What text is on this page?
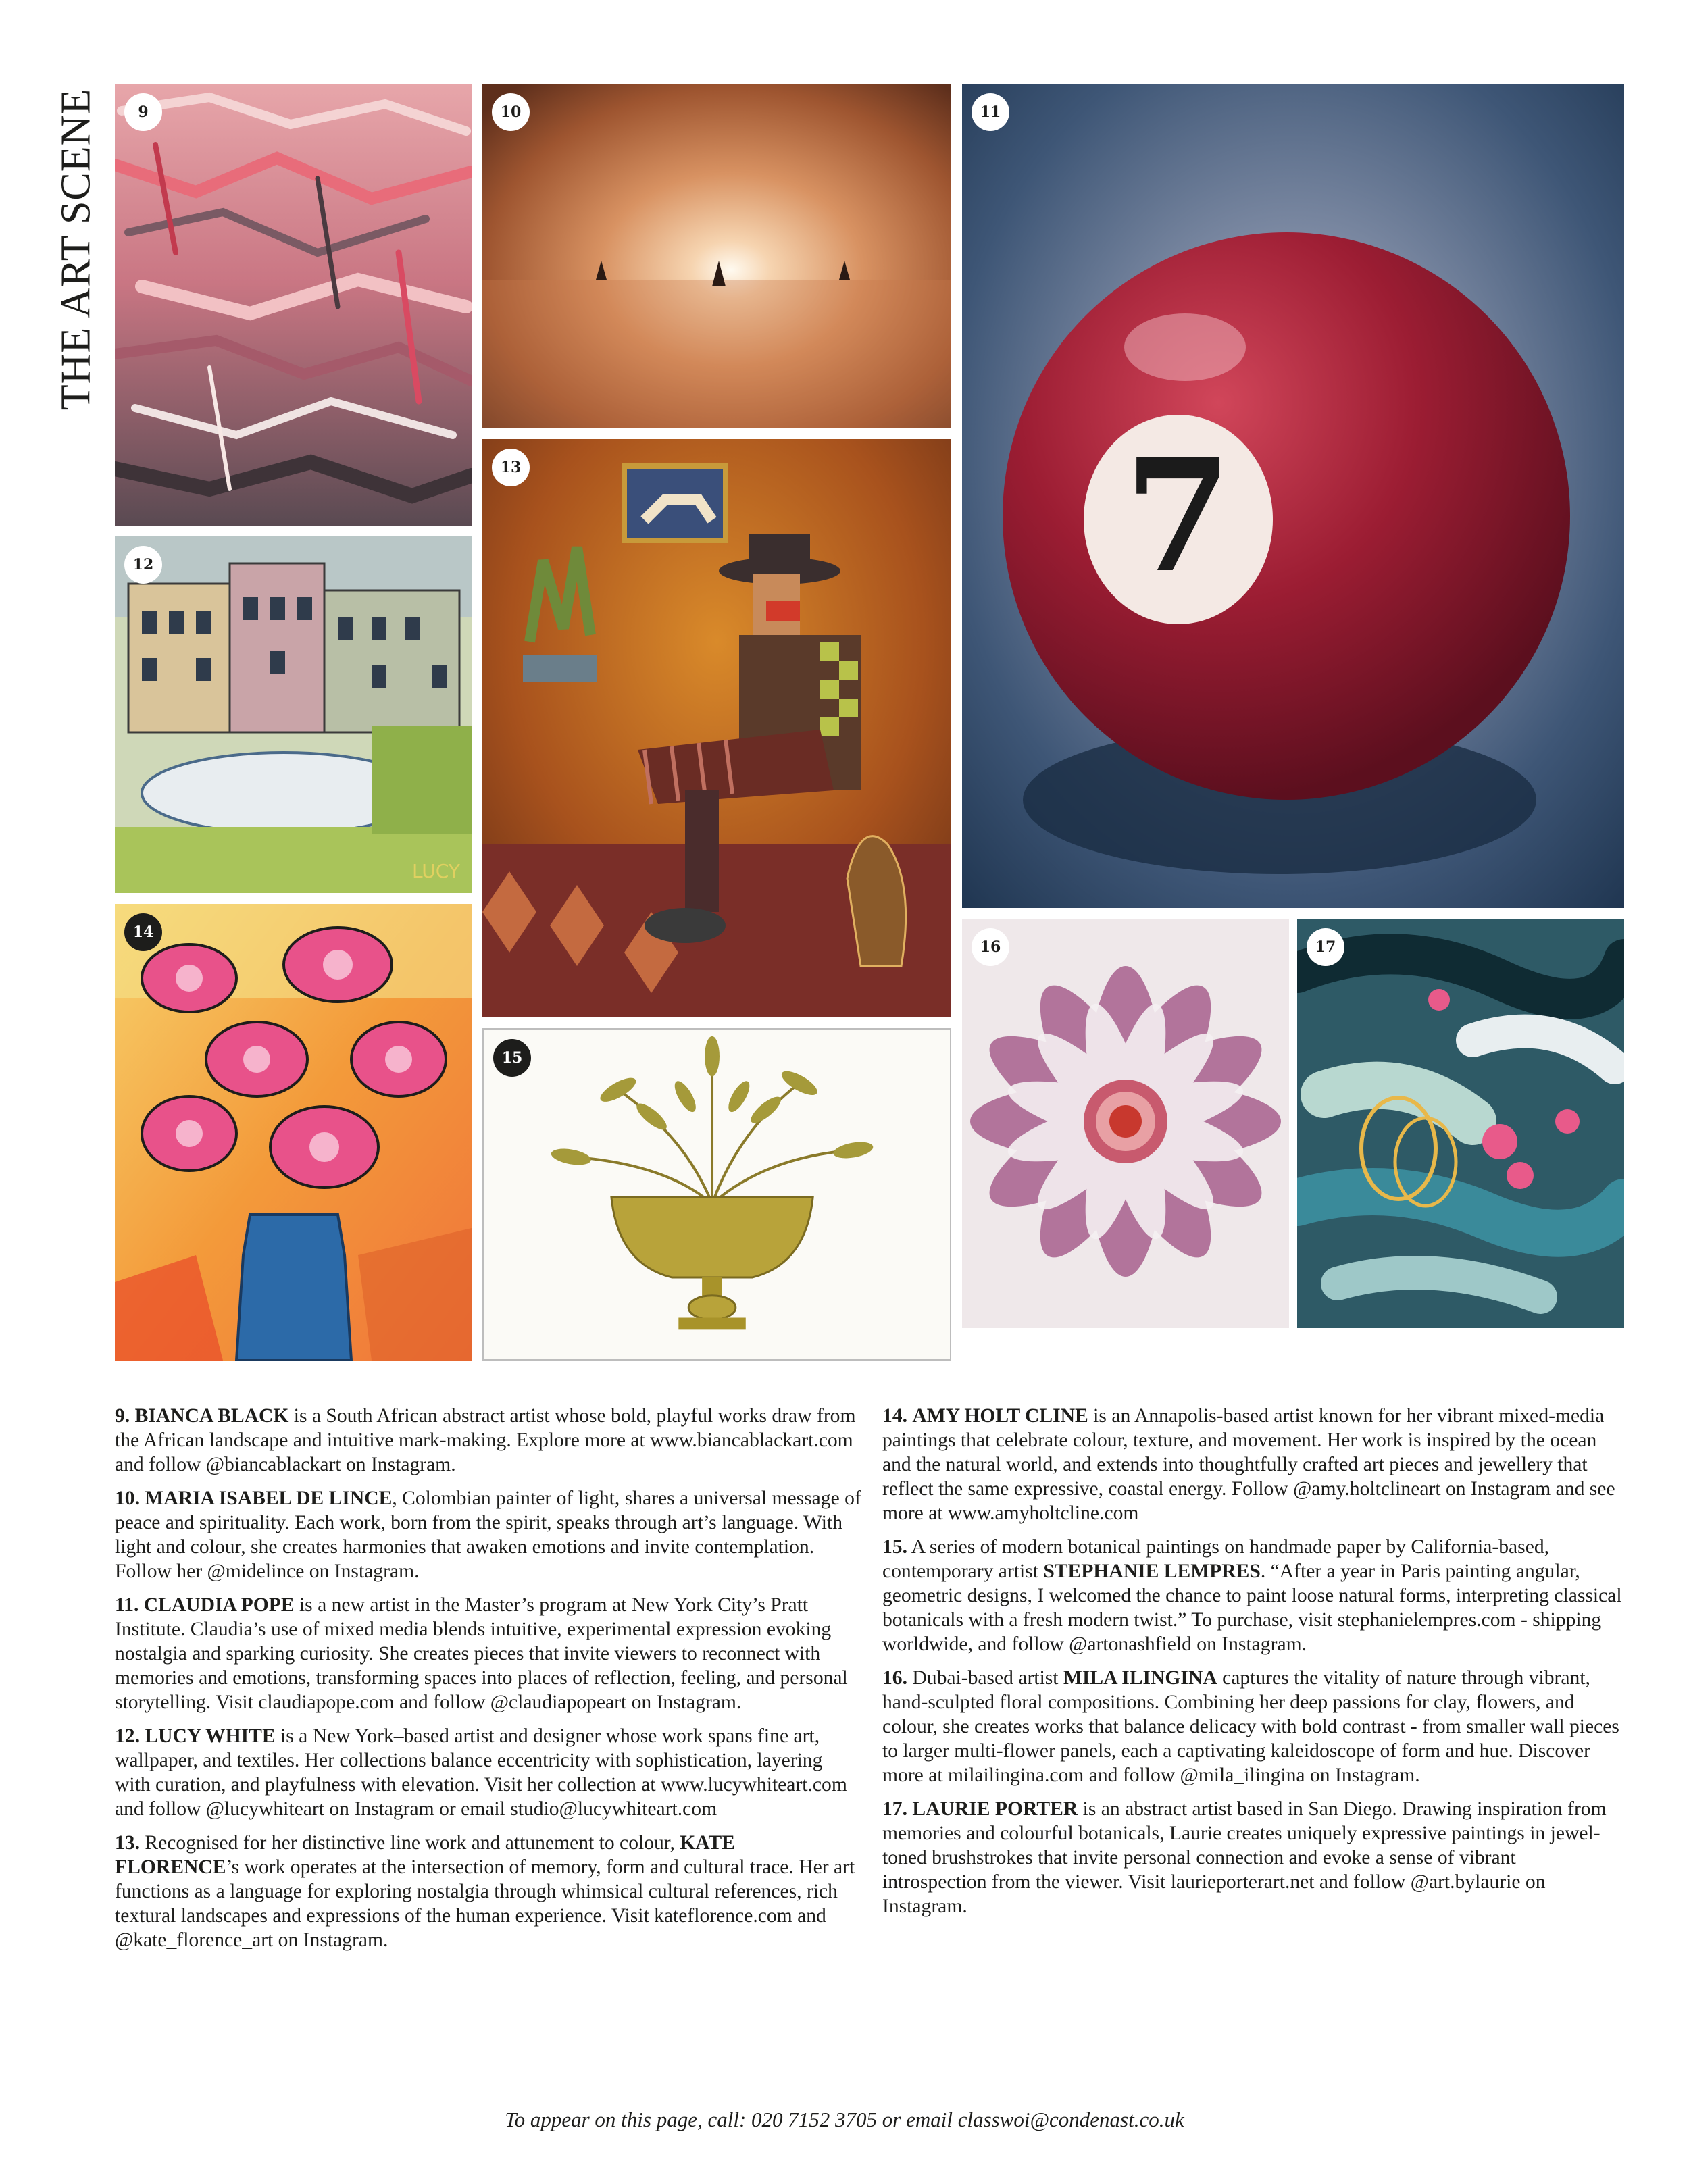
THE ART SCENE	9	10
7
11
LUCY
12
13
14
15
16	17

9. BIANCA BLACK is a South African abstract artist whose bold, playful works draw from the African landscape and intuitive mark-making. Explore more at www.biancablackart.com and follow @biancablackart on Instagram.

10. MARIA ISABEL DE LINCE, Colombian painter of light, shares a universal message of peace and spirituality. Each work, born from the spirit, speaks through art’s language. With light and colour, she creates harmonies that awaken emotions and invite contemplation. Follow her @midelince on Instagram.

11. CLAUDIA POPE is a new artist in the Master’s program at New York City’s Pratt Institute. Claudia’s use of mixed media blends intuitive, experimental expression evoking nostalgia and sparking curiosity. She creates pieces that invite viewers to reconnect with memories and emotions, transforming spaces into places of reflection, feeling, and personal storytelling. Visit claudiapope.com and follow @claudiapopeart on Instagram.

12. LUCY WHITE is a New York–based artist and designer whose work spans fine art, wallpaper, and textiles. Her collections balance eccentricity with sophistication, layering with curation, and playfulness with elevation. Visit her collection at www.lucywhiteart.com and follow @lucywhiteart on Instagram or email studio@lucywhiteart.com

13. Recognised for her distinctive line work and attunement to colour, KATE FLORENCE’s work operates at the intersection of memory, form and cultural trace. Her art functions as a language for exploring nostalgia through whimsical cultural references, rich textural landscapes and expressions of the human experience. Visit kateflorence.com and @kate_florence_art on Instagram.

14. AMY HOLT CLINE is an Annapolis-based artist known for her vibrant mixed-media paintings that celebrate colour, texture, and movement. Her work is inspired by the ocean and the natural world, and extends into thoughtfully crafted art pieces and jewellery that reflect the same expressive, coastal energy. Follow @amy.holtclineart on Instagram and see more at www.amyholtcline.com

15. A series of modern botanical paintings on handmade paper by California-based, contemporary artist STEPHANIE LEMPRES. “After a year in Paris painting angular, geometric designs, I welcomed the chance to paint loose natural forms, interpreting classical botanicals with a fresh modern twist.” To purchase, visit stephanielempres.com - shipping worldwide, and follow @artonashfield on Instagram.

16. Dubai-based artist MILA ILINGINA captures the vitality of nature through vibrant, hand-sculpted floral compositions. Combining her deep passions for clay, flowers, and colour, she creates works that balance delicacy with bold contrast - from smaller wall pieces to larger multi-flower panels, each a captivating kaleidoscope of form and hue. Discover more at milailingina.com and follow @mila_ilingina on Instagram.

17. LAURIE PORTER is an abstract artist based in San Diego. Drawing inspiration from memories and colourful botanicals, Laurie creates uniquely expressive paintings in jewel-toned brushstrokes that invite personal connection and evoke a sense of vibrant introspection from the viewer. Visit laurieporterart.net and follow @art.bylaurie on Instagram.

To appear on this page, call: 020 7152 3705 or email classwoi@condenast.co.uk
